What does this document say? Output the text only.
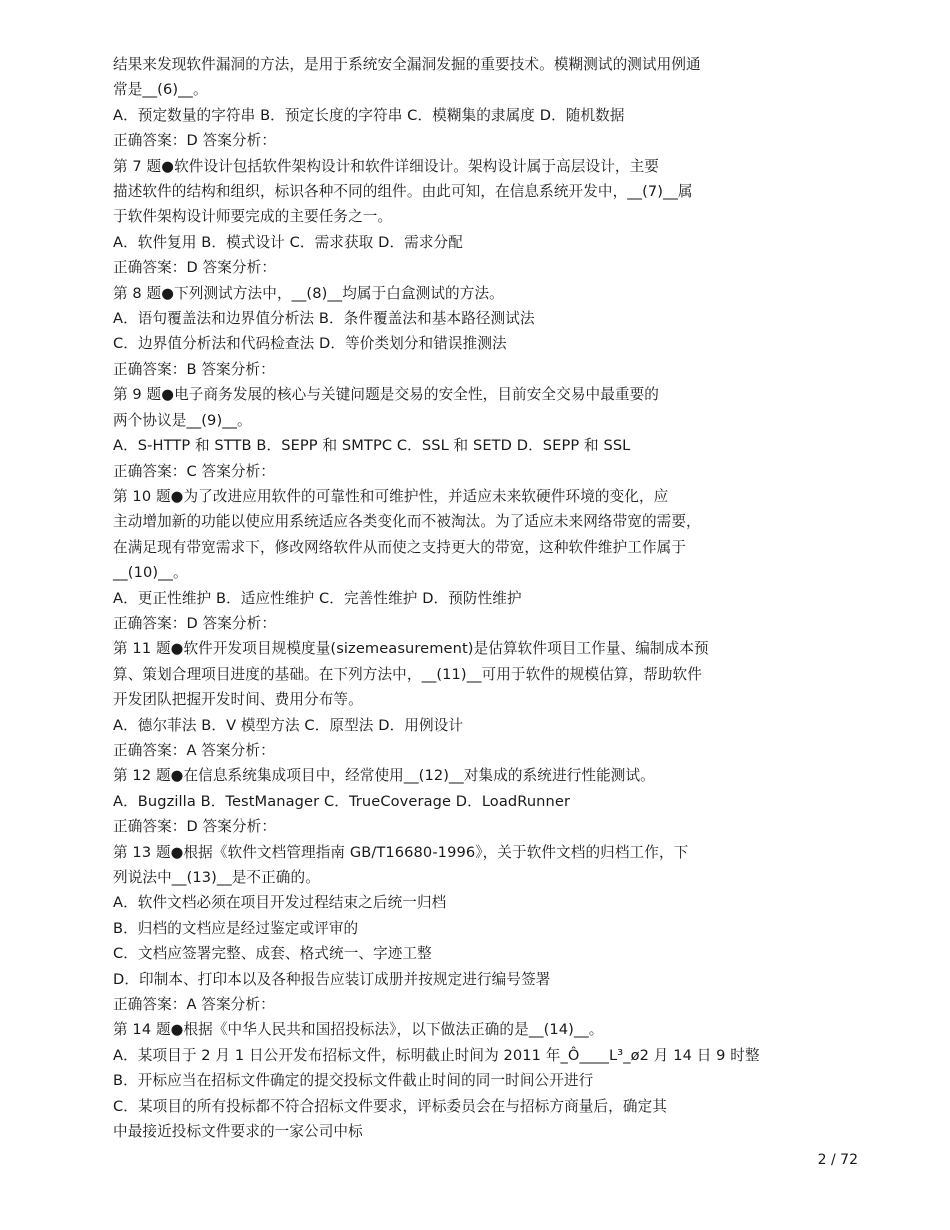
结果来发现软件漏洞的方法，是用于系统安全漏洞发掘的重要技术。模糊测试的测试用例通
常是__(6)__。
A．预定数量的字符串 B．预定长度的字符串 C．模糊集的隶属度 D．随机数据
正确答案：D 答案分析：
第 7 题●软件设计包括软件架构设计和软件详细设计。架构设计属于高层设计，主要
描述软件的结构和组织，标识各种不同的组件。由此可知，在信息系统开发中，__(7)__属
于软件架构设计师要完成的主要任务之一。
A．软件复用 B．模式设计 C．需求获取 D．需求分配
正确答案：D 答案分析：
第 8 题●下列测试方法中，__(8)__均属于白盒测试的方法。
A．语句覆盖法和边界值分析法 B．条件覆盖法和基本路径测试法
C．边界值分析法和代码检查法 D．等价类划分和错误推测法
正确答案：B 答案分析：
第 9 题●电子商务发展的核心与关键问题是交易的安全性，目前安全交易中最重要的
两个协议是__(9)__。
A．S-HTTP 和 STTB B．SEPP 和 SMTPC C．SSL 和 SETD D．SEPP 和 SSL
正确答案：C 答案分析：
第 10 题●为了改进应用软件的可靠性和可维护性，并适应未来软硬件环境的变化，应
主动增加新的功能以使应用系统适应各类变化而不被淘汰。为了适应未来网络带宽的需要，
在满足现有带宽需求下，修改网络软件从而使之支持更大的带宽，这种软件维护工作属于
__(10)__。
A．更正性维护 B．适应性维护 C．完善性维护 D．预防性维护
正确答案：D 答案分析：
第 11 题●软件开发项目规模度量(sizemeasurement)是估算软件项目工作量、编制成本预
算、策划合理项目进度的基础。在下列方法中，__(11)__可用于软件的规模估算，帮助软件
开发团队把握开发时间、费用分布等。
A．德尔菲法 B．V 模型方法 C．原型法 D．用例设计
正确答案：A 答案分析：
第 12 题●在信息系统集成项目中，经常使用__(12)__对集成的系统进行性能测试。
A．Bugzilla B．TestManager C．TrueCoverage D．LoadRunner
正确答案：D 答案分析：
第 13 题●根据《软件文档管理指南 GB/T16680-1996》，关于软件文档的归档工作，下
列说法中__(13)__是不正确的。
A．软件文档必须在项目开发过程结束之后统一归档
B．归档的文档应是经过鉴定或评审的
C．文档应签署完整、成套、格式统一、字迹工整
D．印制本、打印本以及各种报告应装订成册并按规定进行编号签署
正确答案：A 答案分析：
第 14 题●根据《中华人民共和国招投标法》，以下做法正确的是__(14)__。
A．某项目于 2 月 1 日公开发布招标文件，标明截止时间为 2011 年_Ô____L³_ø2 月 14 日 9 时整
B．开标应当在招标文件确定的提交投标文件截止时间的同一时间公开进行
C．某项目的所有投标都不符合招标文件要求，评标委员会在与招标方商量后，确定其
中最接近投标文件要求的一家公司中标
2 / 72
